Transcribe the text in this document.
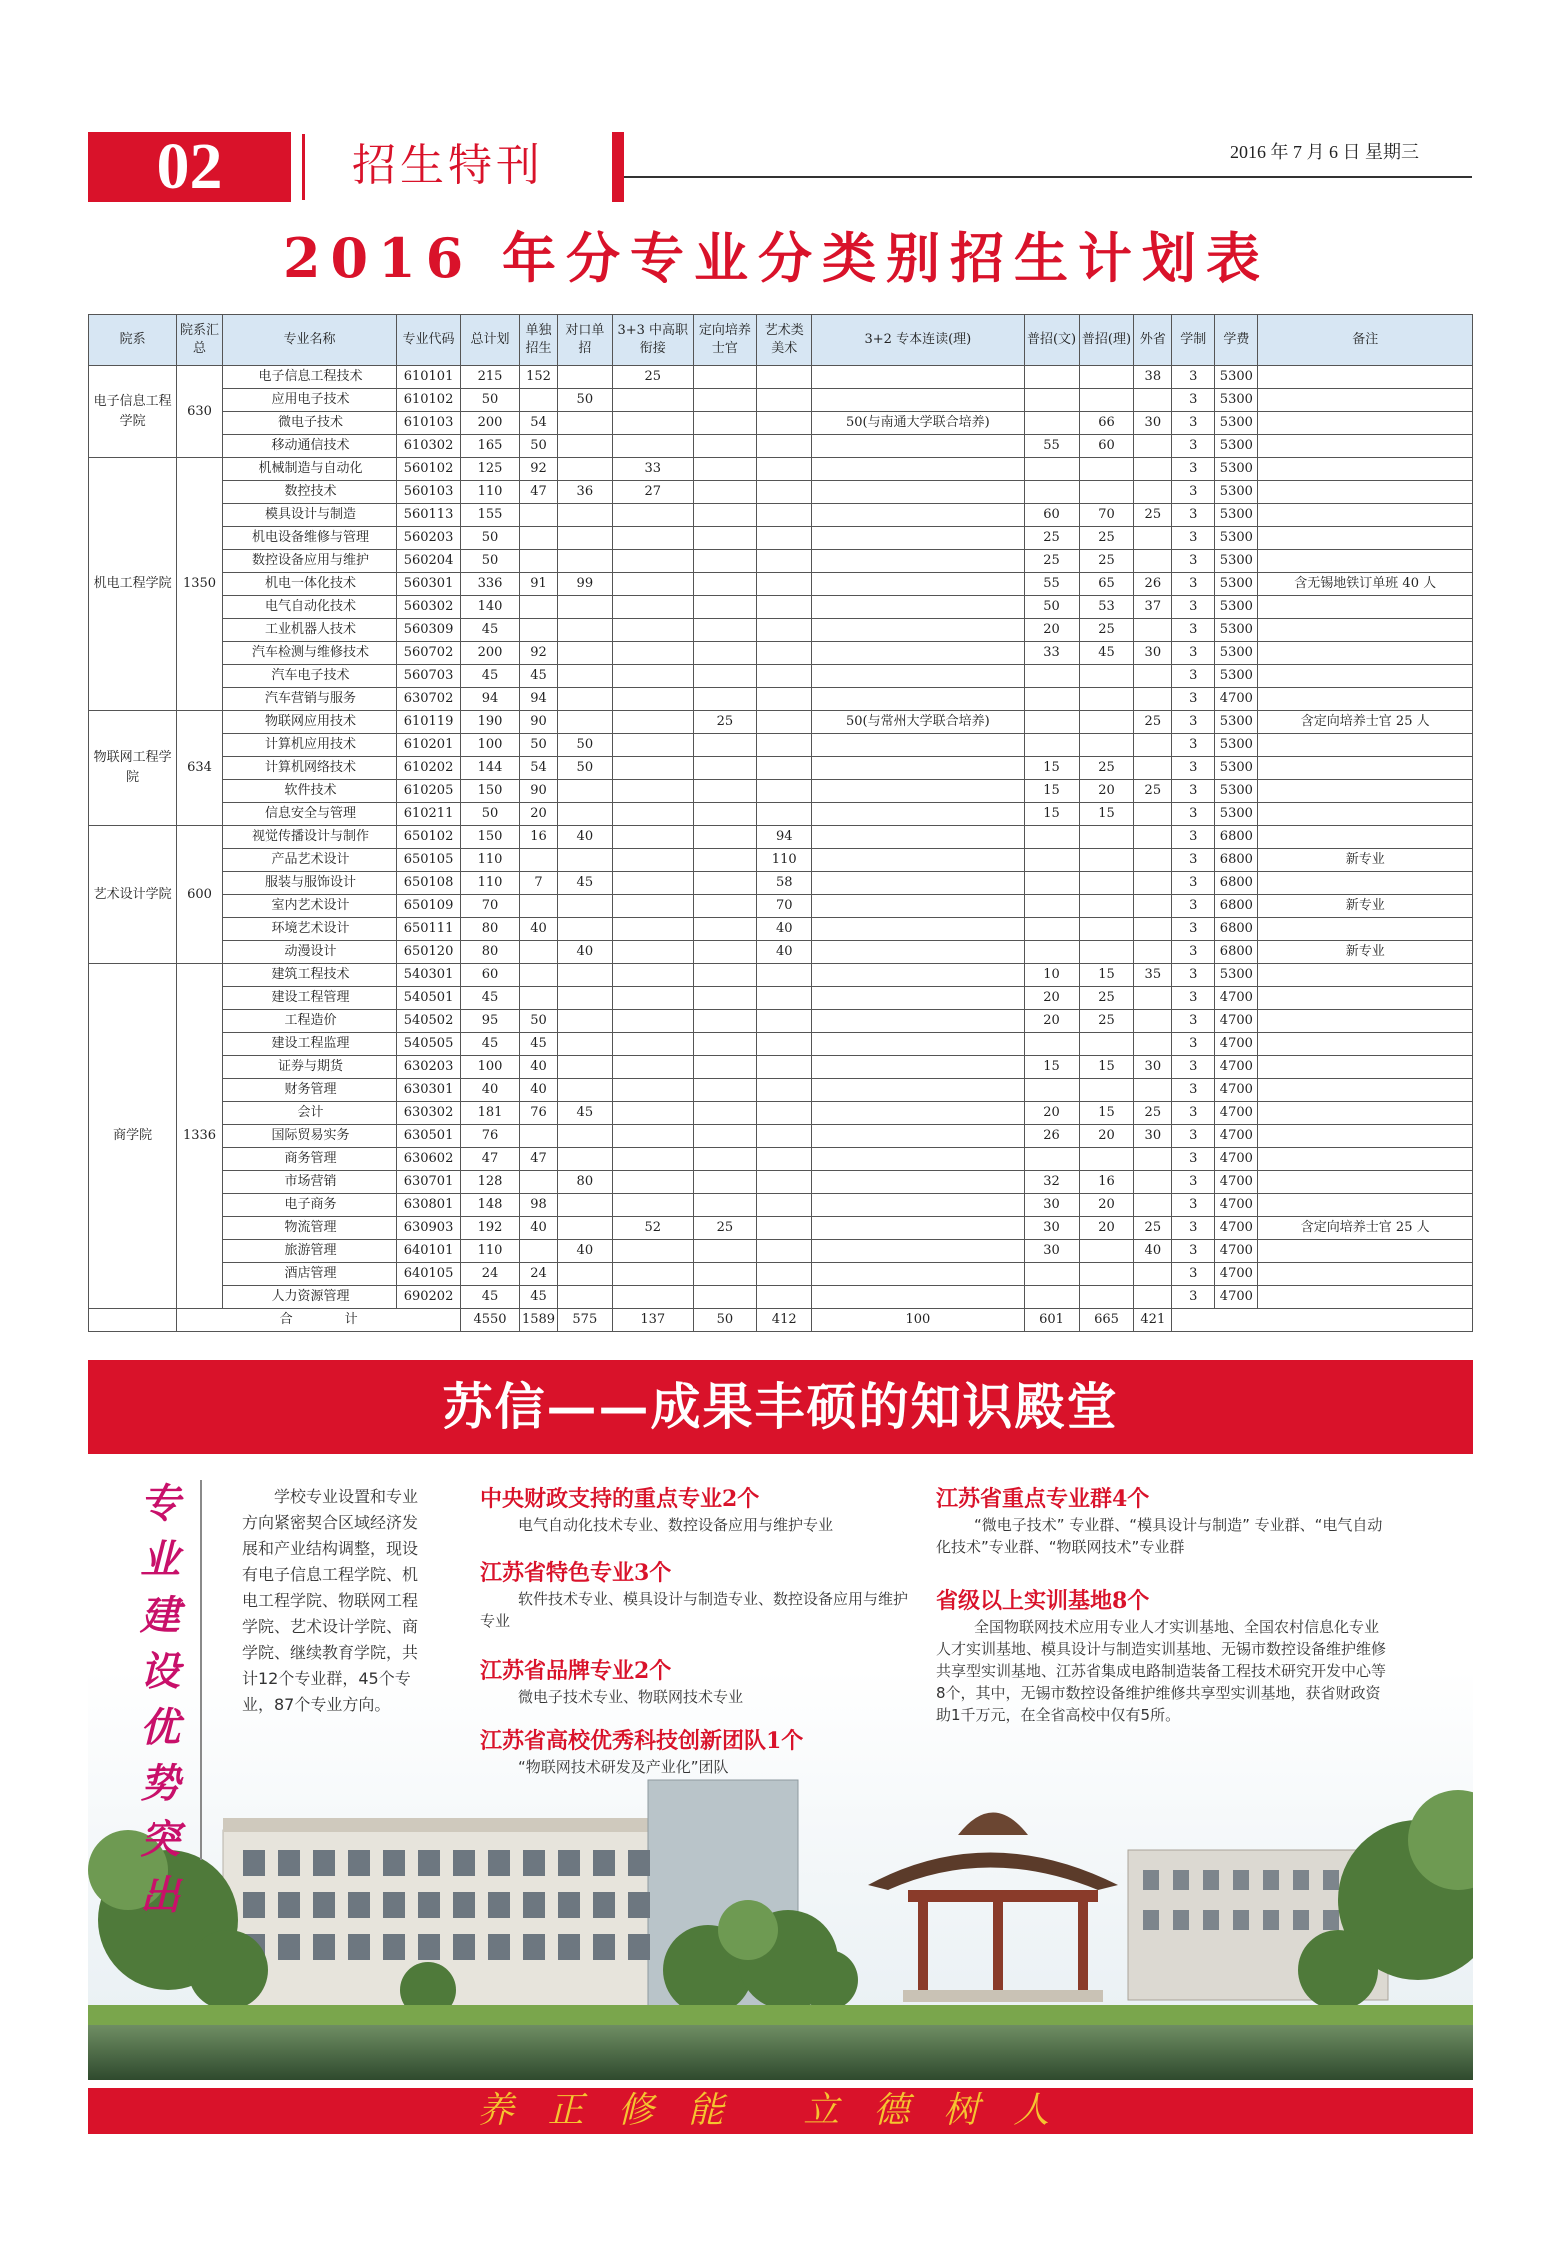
02	招生特刊	2016 年 7 月 6 日 星期三
2016 年分专业分类别招生计划表
院系	院系汇总	专业名称	专业代码	总计划	单独招生	对口单招	3+3 中高职衔接	定向培养士官	艺术类美术	3+2 专本连读(理)	普招(文)	普招(理)	外省	学制	学费	备注
电子信息工程学院	630	电子信息工程技术	610101	215	152		25						38	3	5300	
		应用电子技术	610102	50		50								3	5300	
		微电子技术	610103	200	54					50(与南通大学联合培养)		66	30	3	5300	
		移动通信技术	610302	165	50						55	60		3	5300	
机电工程学院	1350	机械制造与自动化	560102	125	92		33							3	5300	
		数控技术	560103	110	47	36	27							3	5300	
		模具设计与制造	560113	155							60	70	25	3	5300	
		机电设备维修与管理	560203	50							25	25		3	5300	
		数控设备应用与维护	560204	50							25	25		3	5300	
		机电一体化技术	560301	336	91	99					55	65	26	3	5300	含无锡地铁订单班 40 人
		电气自动化技术	560302	140							50	53	37	3	5300	
		工业机器人技术	560309	45							20	25		3	5300	
		汽车检测与维修技术	560702	200	92						33	45	30	3	5300	
		汽车电子技术	560703	45	45									3	5300	
		汽车营销与服务	630702	94	94									3	4700	
物联网工程学院	634	物联网应用技术	610119	190	90			25		50(与常州大学联合培养)			25	3	5300	含定向培养士官 25 人
		计算机应用技术	610201	100	50	50								3	5300	
		计算机网络技术	610202	144	54	50					15	25		3	5300	
		软件技术	610205	150	90						15	20	25	3	5300	
		信息安全与管理	610211	50	20						15	15		3	5300	
艺术设计学院	600	视觉传播设计与制作	650102	150	16	40			94					3	6800	
		产品艺术设计	650105	110					110					3	6800	新专业
		服装与服饰设计	650108	110	7	45			58					3	6800	
		室内艺术设计	650109	70					70					3	6800	新专业
		环境艺术设计	650111	80	40				40					3	6800	
		动漫设计	650120	80		40			40					3	6800	新专业
商学院	1336	建筑工程技术	540301	60							10	15	35	3	5300	
		建设工程管理	540501	45							20	25		3	4700	
		工程造价	540502	95	50						20	25		3	4700	
		建设工程监理	540505	45	45									3	4700	
		证券与期货	630203	100	40						15	15	30	3	4700	
		财务管理	630301	40	40									3	4700	
		会计	630302	181	76	45					20	15	25	3	4700	
		国际贸易实务	630501	76							26	20	30	3	4700	
		商务管理	630602	47	47									3	4700	
		市场营销	630701	128		80					32	16		3	4700	
		电子商务	630801	148	98						30	20		3	4700	
		物流管理	630903	192	40		52	25			30	20	25	3	4700	含定向培养士官 25 人
		旅游管理	640101	110		40					30		40	3	4700	
		酒店管理	640105	24	24									3	4700	
		人力资源管理	690202	45	45									3	4700	
	合　　　　计			4550	1589	575	137	50	412	100	601	665	421			
苏信——成果丰硕的知识殿堂
专
业
建
设
优
势
突
出
学校专业设置和专业方向紧密契合区域经济发展和产业结构调整，现设有电子信息工程学院、机电工程学院、物联网工程学院、艺术设计学院、商学院、继续教育学院，共计12个专业群，45个专业，87个专业方向。
中央财政支持的重点专业2个
电气自动化技术专业、数控设备应用与维护专业
江苏省特色专业3个
软件技术专业、模具设计与制造专业、数控设备应用与维护专业
江苏省品牌专业2个
微电子技术专业、物联网技术专业
江苏省高校优秀科技创新团队1个
“物联网技术研发及产业化”团队
江苏省重点专业群4个
“微电子技术” 专业群、“模具设计与制造” 专业群、“电气自动化技术”专业群、“物联网技术”专业群
省级以上实训基地8个
全国物联网技术应用专业人才实训基地、全国农村信息化专业人才实训基地、模具设计与制造实训基地、无锡市数控设备维护维修共享型实训基地、江苏省集成电路制造装备工程技术研究开发中心等8个，其中，无锡市数控设备维护维修共享型实训基地，获省财政资助1千万元，在全省高校中仅有5所。
养正修能 立德树人
